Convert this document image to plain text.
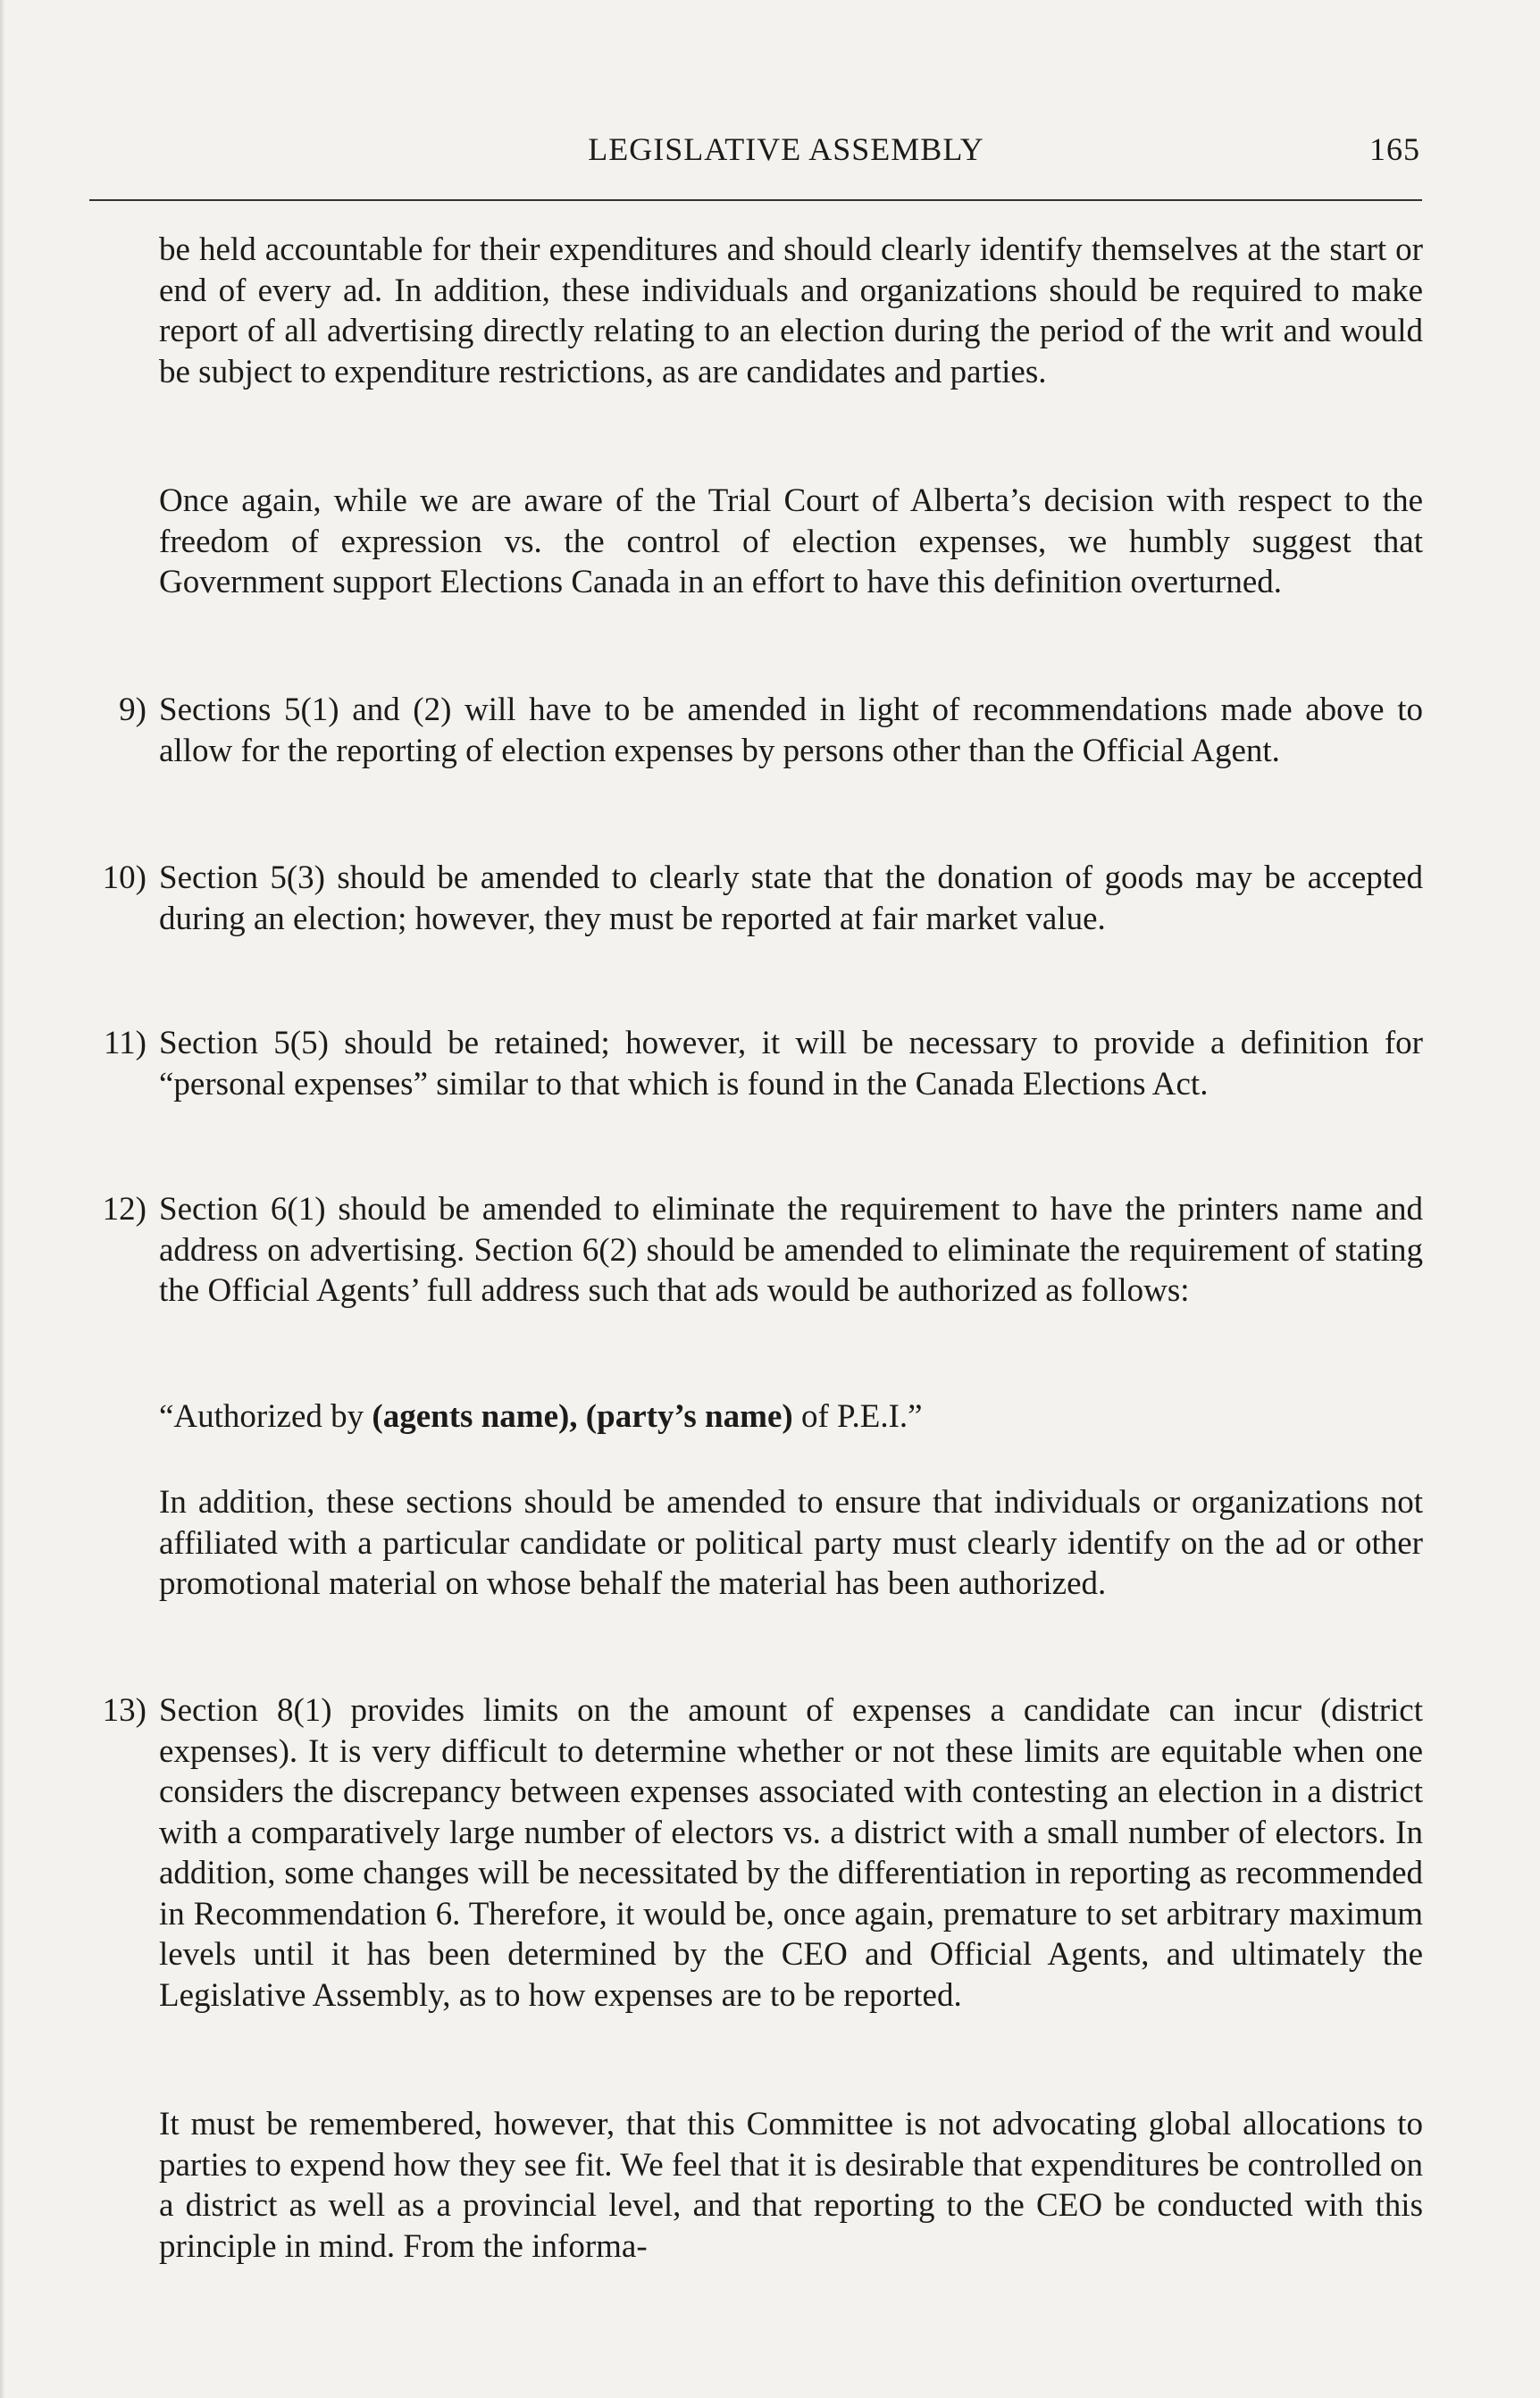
LEGISLATIVE ASSEMBLY	165

be held accountable for their expenditures and should clearly identify themselves at the start or end of every ad. In addition, these individuals and organizations should be required to make report of all advertising directly relating to an election during the period of the writ and would be subject to expenditure restrictions, as are candidates and parties.

Once again, while we are aware of the Trial Court of Alberta’s decision with respect to the freedom of expression vs. the control of election expenses, we humbly suggest that Government support Elections Canada in an effort to have this definition overturned.

9) Sections 5(1) and (2) will have to be amended in light of recommendations made above to allow for the reporting of election expenses by persons other than the Official Agent.

10) Section 5(3) should be amended to clearly state that the donation of goods may be accepted during an election; however, they must be reported at fair market value.

11) Section 5(5) should be retained; however, it will be necessary to provide a definition for “personal expenses” similar to that which is found in the Canada Elections Act.

12) Section 6(1) should be amended to eliminate the requirement to have the printers name and address on advertising. Section 6(2) should be amended to eliminate the requirement of stating the Official Agents’ full address such that ads would be authorized as follows:

“Authorized by (agents name), (party’s name) of P.E.I.”

In addition, these sections should be amended to ensure that individuals or organizations not affiliated with a particular candidate or political party must clearly identify on the ad or other promotional material on whose behalf the material has been authorized.

13) Section 8(1) provides limits on the amount of expenses a candidate can incur (district expenses). It is very difficult to determine whether or not these limits are equitable when one considers the discrepancy between expenses associated with contesting an election in a district with a comparatively large number of electors vs. a district with a small number of electors. In addition, some changes will be necessitated by the differentiation in reporting as recommended in Recommendation 6. Therefore, it would be, once again, premature to set arbitrary maximum levels until it has been determined by the CEO and Official Agents, and ultimately the Legislative Assembly, as to how expenses are to be reported.

It must be remembered, however, that this Committee is not advocating global allocations to parties to expend how they see fit. We feel that it is desirable that expenditures be controlled on a district as well as a provincial level, and that reporting to the CEO be conducted with this principle in mind. From the informa-
